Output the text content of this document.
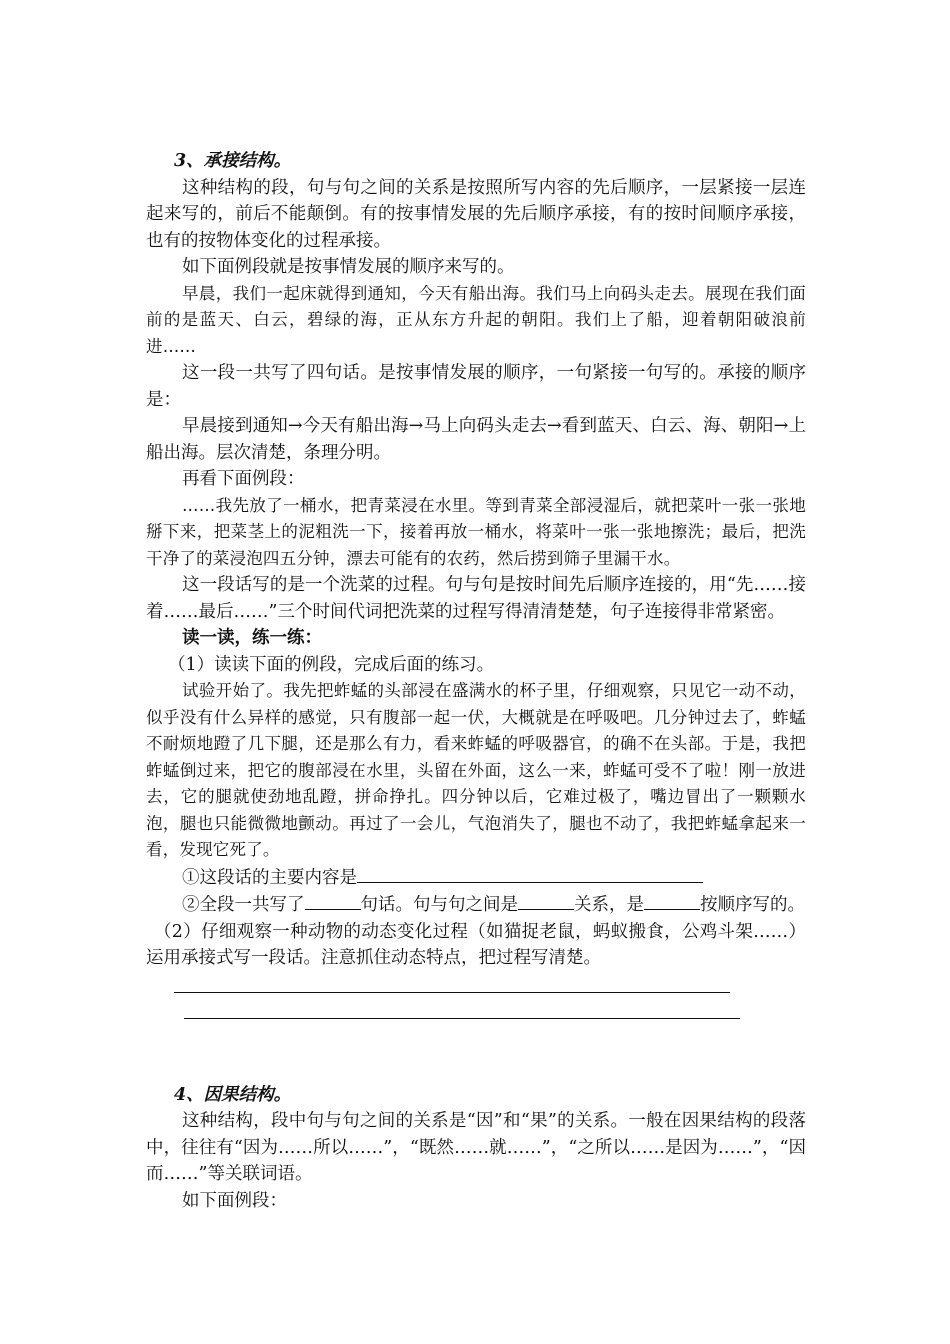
3、承接结构。

这种结构的段，句与句之间的关系是按照所写内容的先后顺序，一层紧接一层连起来写的，前后不能颠倒。有的按事情发展的先后顺序承接，有的按时间顺序承接，也有的按物体变化的过程承接。

如下面例段就是按事情发展的顺序来写的。

早晨，我们一起床就得到通知，今天有船出海。我们马上向码头走去。展现在我们面前的是蓝天、白云，碧绿的海，正从东方升起的朝阳。我们上了船，迎着朝阳破浪前进……

这一段一共写了四句话。是按事情发展的顺序，一句紧接一句写的。承接的顺序是：

早晨接到通知→今天有船出海→马上向码头走去→看到蓝天、白云、海、朝阳→上船出海。层次清楚，条理分明。

再看下面例段：

……我先放了一桶水，把青菜浸在水里。等到青菜全部浸湿后，就把菜叶一张一张地掰下来，把菜茎上的泥粗洗一下，接着再放一桶水，将菜叶一张一张地擦洗；最后，把洗干净了的菜浸泡四五分钟，漂去可能有的农药，然后捞到筛子里漏干水。

这一段话写的是一个洗菜的过程。句与句是按时间先后顺序连接的，用“先……接着……最后……”三个时间代词把洗菜的过程写得清清楚楚，句子连接得非常紧密。

读一读，练一练：

（1）读读下面的例段，完成后面的练习。

试验开始了。我先把蚱蜢的头部浸在盛满水的杯子里，仔细观察，只见它一动不动，似乎没有什么异样的感觉，只有腹部一起一伏，大概就是在呼吸吧。几分钟过去了，蚱蜢不耐烦地蹬了几下腿，还是那么有力，看来蚱蜢的呼吸器官，的确不在头部。于是，我把蚱蜢倒过来，把它的腹部浸在水里，头留在外面，这么一来，蚱蜢可受不了啦！刚一放进去，它的腿就使劲地乱蹬，拼命挣扎。四分钟以后，它难过极了，嘴边冒出了一颗颗水泡，腿也只能微微地颤动。再过了一会儿，气泡消失了，腿也不动了，我把蚱蜢拿起来一看，发现它死了。

①这段话的主要内容是

②全段一共写了	句话。句与句之间是	关系，是	按顺序写的。

（2）仔细观察一种动物的动态变化过程（如猫捉老鼠，蚂蚁搬食，公鸡斗架……）运用承接式写一段话。注意抓住动态特点，把过程写清楚。

4、因果结构。

这种结构，段中句与句之间的关系是“因”和“果”的关系。一般在因果结构的段落中，往往有“因为……所以……”，“既然……就……”，“之所以……是因为……”，“因而……”等关联词语。

如下面例段：
